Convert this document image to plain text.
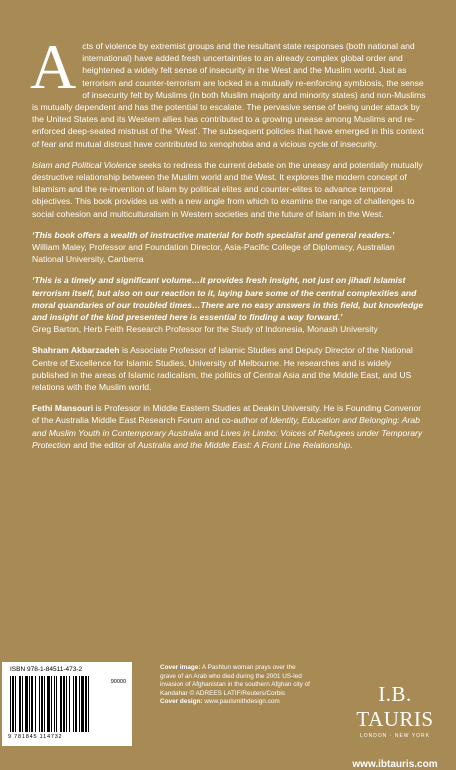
Acts of violence by extremist groups and the resultant state responses (both national and international) have added fresh uncertainties to an already complex global order and heightened a widely felt sense of insecurity in the West and the Muslim world. Just as terrorism and counter-terrorism are locked in a mutually re-enforcing symbiosis, the sense of insecurity felt by Muslims (in both Muslim majority and minority states) and non-Muslims is mutually dependent and has the potential to escalate. The pervasive sense of being under attack by the United States and its Western allies has contributed to a growing unease among Muslims and re-enforced deep-seated mistrust of the ‘West’. The subsequent policies that have emerged in this context of fear and mutual distrust have contributed to xenophobia and a vicious cycle of insecurity.

Islam and Political Violence seeks to redress the current debate on the uneasy and potentially mutually destructive relationship between the Muslim world and the West. It explores the modern concept of Islamism and the re-invention of Islam by political elites and counter-elites to advance temporal objectives. This book provides us with a new angle from which to examine the range of challenges to social cohesion and multiculturalism in Western societies and the future of Islam in the West.

‘This book offers a wealth of instructive material for both specialist and general readers.’
William Maley, Professor and Foundation Director, Asia-Pacific College of Diplomacy, Australian National University, Canberra

‘This is a timely and significant volume…it provides fresh insight, not just on jihadi Islamist terrorism itself, but also on our reaction to it, laying bare some of the central complexities and moral quandaries of our troubled times…There are no easy answers in this field, but knowledge and insight of the kind presented here is essential to finding a way forward.’
Greg Barton, Herb Feith Research Professor for the Study of Indonesia, Monash University

Shahram Akbarzadeh is Associate Professor of Islamic Studies and Deputy Director of the National Centre of Excellence for Islamic Studies, University of Melbourne. He researches and is widely published in the areas of Islamic radicalism, the politics of Central Asia and the Middle East, and US relations with the Muslim world.

Fethi Mansouri is Professor in Middle Eastern Studies at Deakin University. He is Founding Convenor of the Australia Middle East Research Forum and co-author of Identity, Education and Belonging: Arab and Muslim Youth in Contemporary Australia and Lives in Limbo: Voices of Refugees under Temporary Protection and the editor of Australia and the Middle East: A Front Line Relationship.

ISBN 978-1-84511-473-2
90000
9 781845 114732
Cover image: A Pashtun woman prays over the grave of an Arab who died during the 2001 US-led invasion of Afghanistan in the southern Afghan city of Kandahar © ADREES LATIF/Reuters/Corbis
Cover design: www.paulsmithdesign.com	I.B. TAURIS
LONDON · NEW YORK
www.ibtauris.com
